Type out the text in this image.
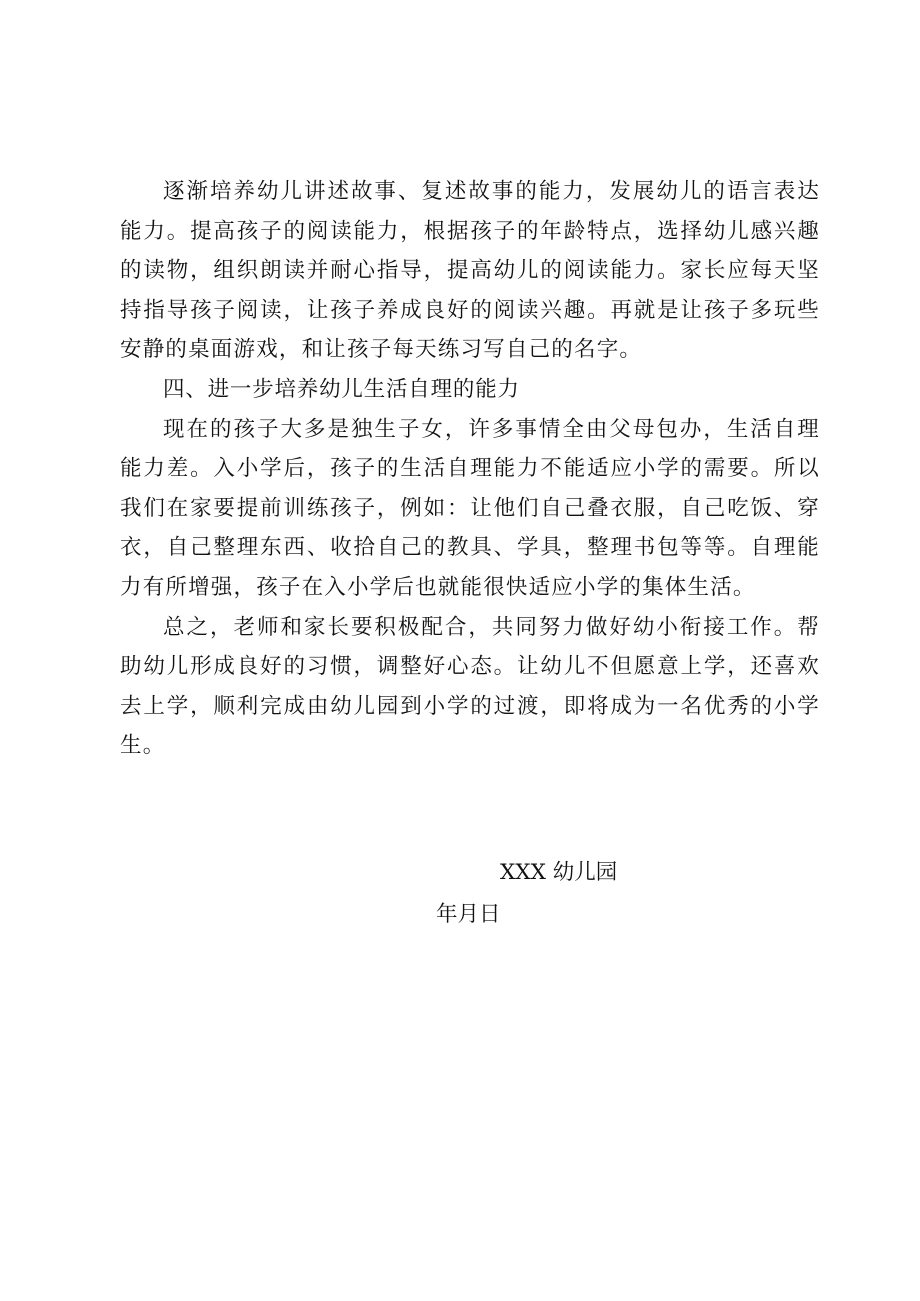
逐渐培养幼儿讲述故事、复述故事的能力，发展幼儿的语言表达能力。提高孩子的阅读能力，根据孩子的年龄特点，选择幼儿感兴趣的读物，组织朗读并耐心指导，提高幼儿的阅读能力。家长应每天坚持指导孩子阅读，让孩子养成良好的阅读兴趣。再就是让孩子多玩些安静的桌面游戏，和让孩子每天练习写自己的名字。

四、进一步培养幼儿生活自理的能力

现在的孩子大多是独生子女，许多事情全由父母包办，生活自理能力差。入小学后，孩子的生活自理能力不能适应小学的需要。所以我们在家要提前训练孩子，例如：让他们自己叠衣服，自己吃饭、穿衣，自己整理东西、收拾自己的教具、学具，整理书包等等。自理能力有所增强，孩子在入小学后也就能很快适应小学的集体生活。

总之，老师和家长要积极配合，共同努力做好幼小衔接工作。帮助幼儿形成良好的习惯，调整好心态。让幼儿不但愿意上学，还喜欢去上学，顺利完成由幼儿园到小学的过渡，即将成为一名优秀的小学生。

XXX 幼儿园
年月日
